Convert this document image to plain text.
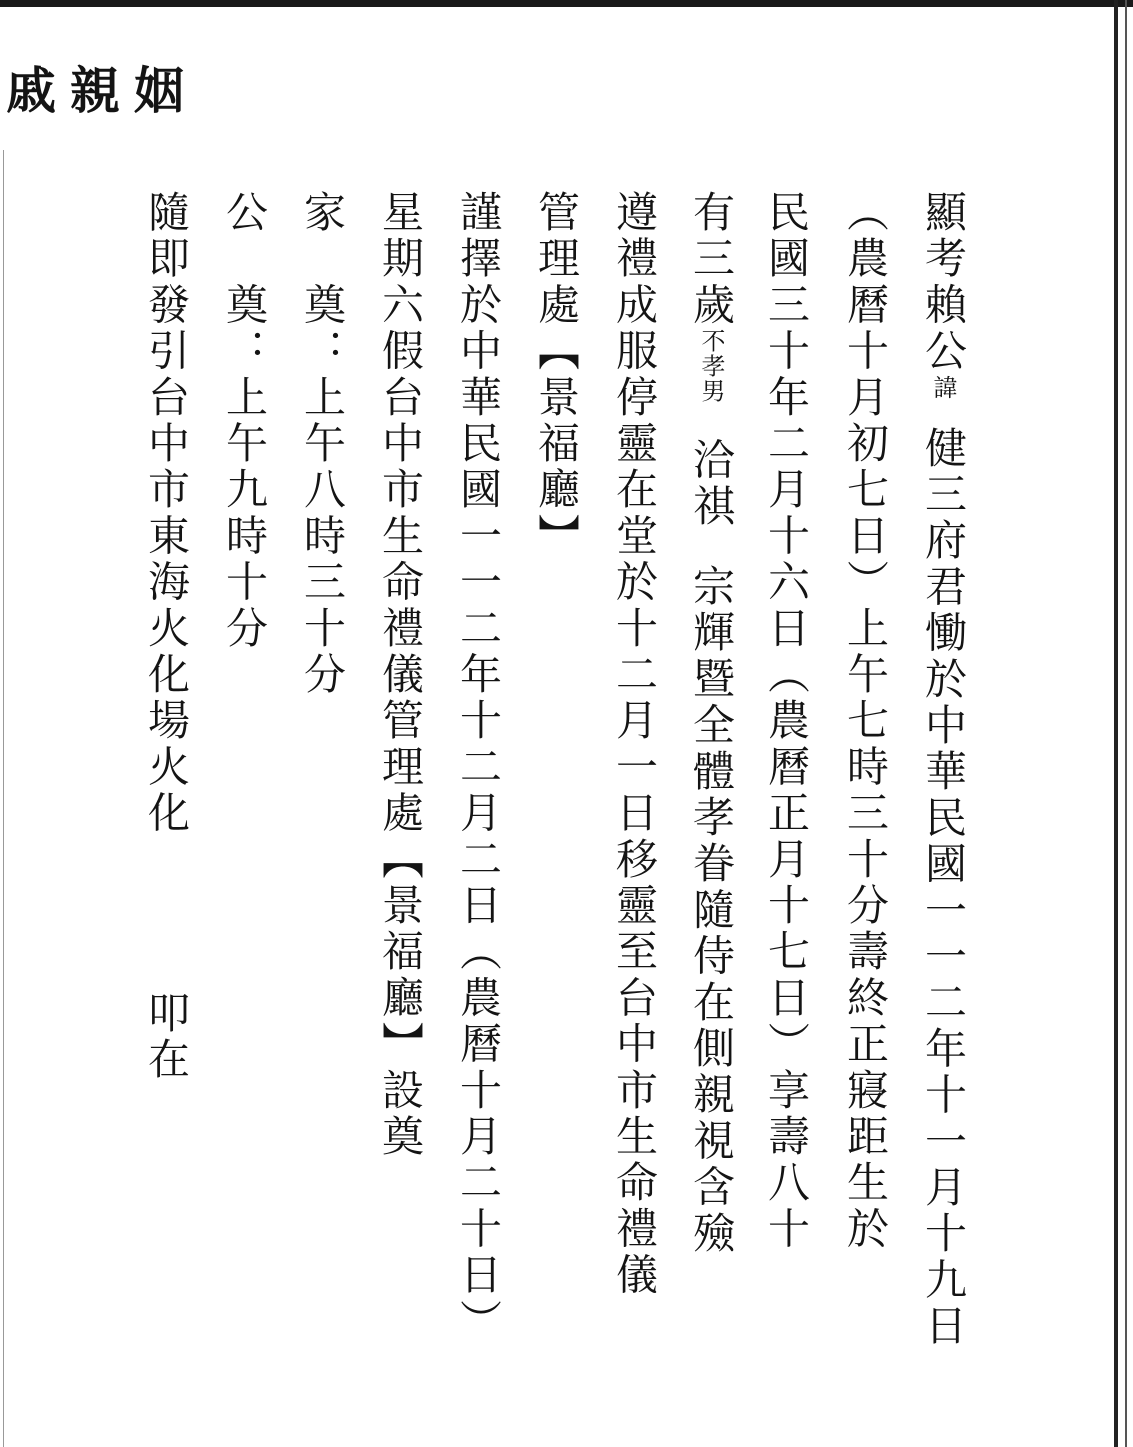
戚親姻
顯考賴公諱健三府君慟於中華民國一一二年十一月十九日
︵農曆十月初七日︶上午七時三十分壽終正寢距生於
民國三十年二月十六日︵農曆正月十七日︶享壽八十
有三歲不孝男洽祺宗輝暨全體孝眷隨侍在側親視含殮
遵禮成服停靈在堂於十二月一日移靈至台中市生命禮儀
管理處︻景福廳︼
謹擇於中華民國一一二年十二月二日︵農曆十月二十日︶
星期六假台中市生命禮儀管理處︻景福廳︼設奠
家　奠：上午八時三十分
公　奠：上午九時十分
隨即發引台中市東海火化場火化叩在
